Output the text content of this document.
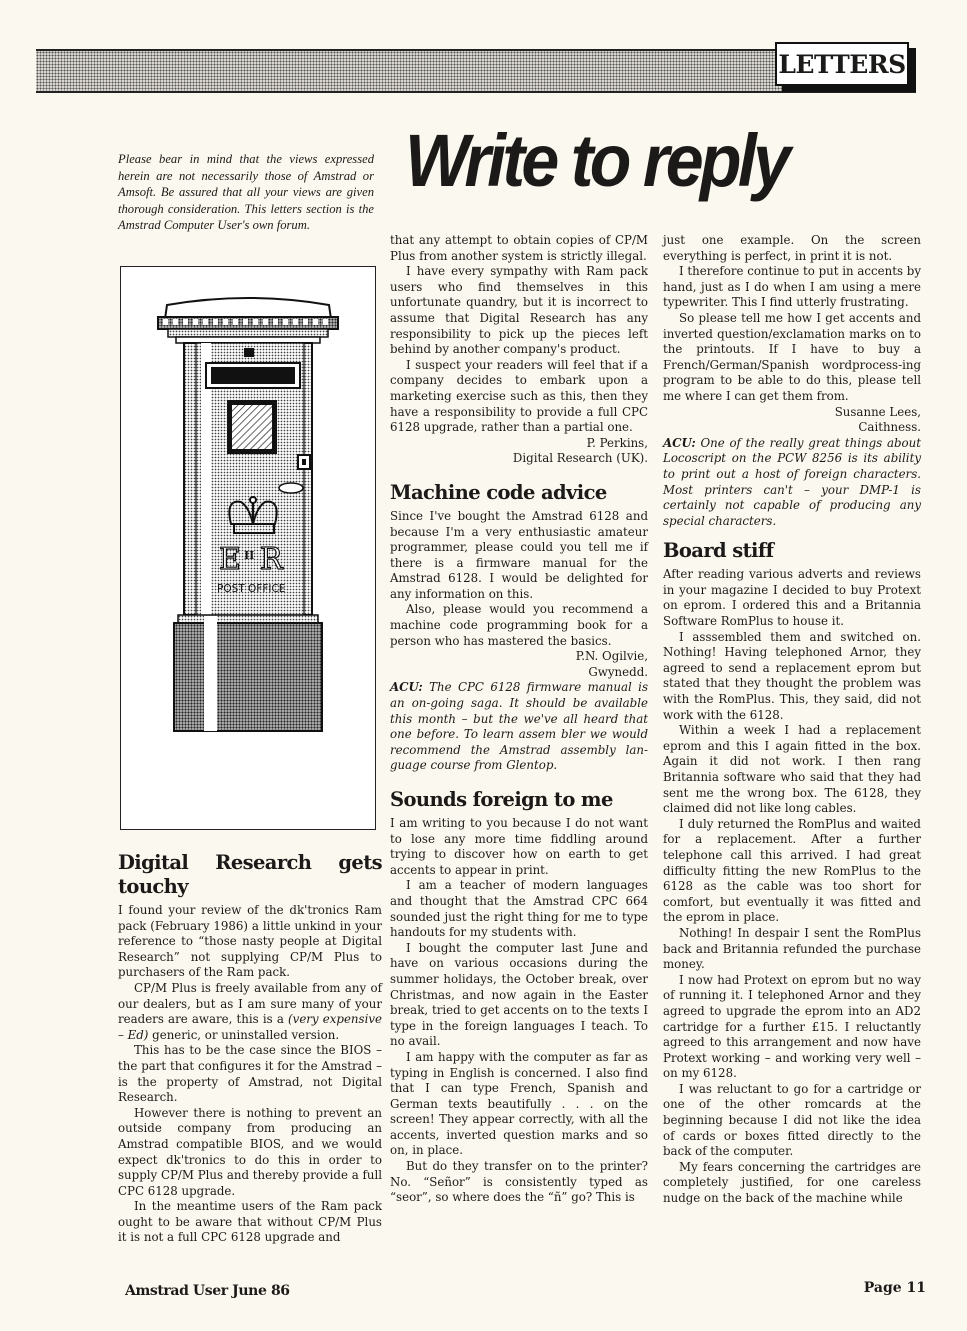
LETTERS
Please bear in mind that the views expressed herein are not necessarily those of Amstrad or Amsoft. Be assured that all your views are given thorough consideration. This letters section is the Amstrad Computer User's own forum.
Write to reply
E II R
POST OFFICE
Digital Research gets touchy

I found your review of the dk'tronics Ram pack (February 1986) a little unkind in your reference to “those nasty people at Digital Research” not supplying CP/M Plus to purchasers of the Ram pack.

CP/M Plus is freely available from any of our dealers, but as I am sure many of your readers are aware, this is a (very expensive – Ed) generic, or uninstalled version.

This has to be the case since the BIOS – the part that configures it for the Amstrad – is the property of Amstrad, not Digital Research.

However there is nothing to prevent an outside company from producing an Amstrad compatible BIOS, and we would expect dk'tronics to do this in order to supply CP/M Plus and thereby provide a full CPC 6128 upgrade.

In the meantime users of the Ram pack ought to be aware that without CP/M Plus it is not a full CPC 6128 upgrade and

that any attempt to obtain copies of CP/M Plus from another system is strictly illegal.

I have every sympathy with Ram pack users who find themselves in this unfortunate quandry, but it is incorrect to assume that Digital Research has any responsibility to pick up the pieces left behind by another company's product.

I suspect your readers will feel that if a company decides to embark upon a marketing exercise such as this, then they have a responsibility to provide a full CPC 6128 upgrade, rather than a partial one.

P. Perkins,

Digital Research (UK).

Machine code advice

Since I've bought the Amstrad 6128 and because I'm a very enthusiastic amateur programmer, please could you tell me if there is a firmware manual for the Amstrad 6128. I would be delighted for any information on this.

Also, please would you recommend a machine code programming book for a person who has mastered the basics.

P.N. Ogilvie,

Gwynedd.

ACU: The CPC 6128 firmware manual is an on-going saga. It should be available this month – but the we've all heard that one before. To learn assem bler we would recommend the Amstrad assembly lan-guage course from Glentop.

Sounds foreign to me

I am writing to you because I do not want to lose any more time fiddling around trying to discover how on earth to get accents to appear in print.

I am a teacher of modern languages and thought that the Amstrad CPC 664 sounded just the right thing for me to type handouts for my students with.

I bought the computer last June and have on various occasions during the summer holidays, the October break, over Christmas, and now again in the Easter break, tried to get accents on to the texts I type in the foreign languages I teach. To no avail.

I am happy with the computer as far as typing in English is concerned. I also find that I can type French, Spanish and German texts beautifully . . . on the screen! They appear correctly, with all the accents, inverted question marks and so on, in place.

But do they transfer on to the printer? No. “Señor” is consistently typed as “seor”, so where does the “ñ” go? This is

just one example. On the screen everything is perfect, in print it is not.

I therefore continue to put in accents by hand, just as I do when I am using a mere typewriter. This I find utterly frustrating.

So please tell me how I get accents and inverted question/exclamation marks on to the printouts. If I have to buy a French/German/Spanish wordprocess-ing program to be able to do this, please tell me where I can get them from.

Susanne Lees,

Caithness.

ACU: One of the really great things about Locoscript on the PCW 8256 is its ability to print out a host of foreign characters. Most printers can't – your DMP-1 is certainly not capable of producing any special characters.

Board stiff

After reading various adverts and reviews in your magazine I decided to buy Protext on eprom. I ordered this and a Britannia Software RomPlus to house it.

I asssembled them and switched on. Nothing! Having telephoned Arnor, they agreed to send a replacement eprom but stated that they thought the problem was with the RomPlus. This, they said, did not work with the 6128.

Within a week I had a replacement eprom and this I again fitted in the box. Again it did not work. I then rang Britannia software who said that they had sent me the wrong box. The 6128, they claimed did not like long cables.

I duly returned the RomPlus and waited for a replacement. After a further telephone call this arrived. I had great difficulty fitting the new RomPlus to the 6128 as the cable was too short for comfort, but eventually it was fitted and the eprom in place.

Nothing! In despair I sent the RomPlus back and Britannia refunded the purchase money.

I now had Protext on eprom but no way of running it. I telephoned Arnor and they agreed to upgrade the eprom into an AD2 cartridge for a further £15. I reluctantly agreed to this arrangement and now have Protext working – and working very well – on my 6128.

I was reluctant to go for a cartridge or one of the other romcards at the beginning because I did not like the idea of cards or boxes fitted directly to the back of the computer.

My fears concerning the cartridges are completely justified, for one careless nudge on the back of the machine while

Amstrad User June 86	Page 11
